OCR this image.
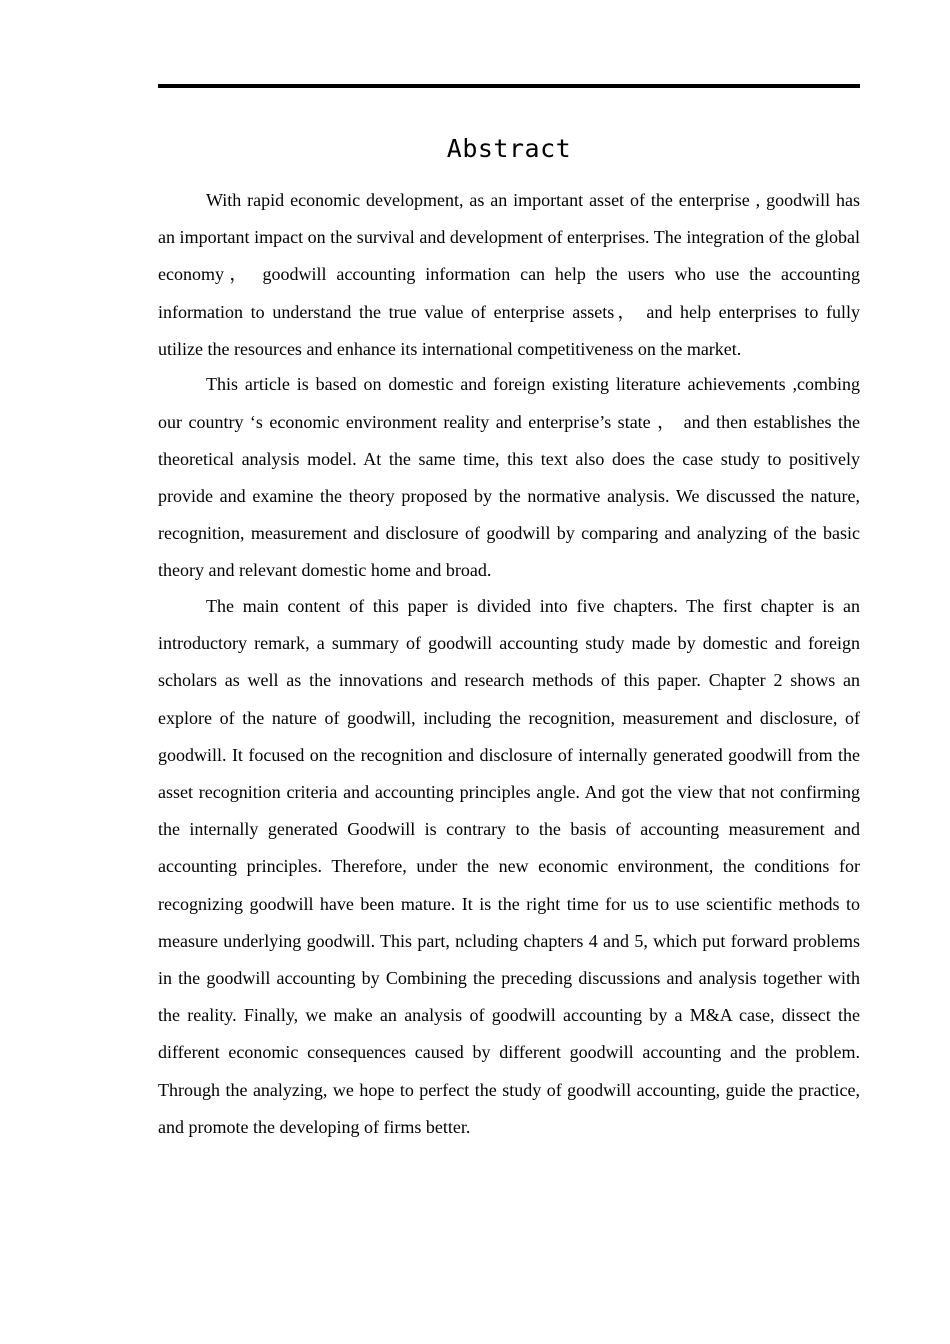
Abstract

With rapid economic development, as an important asset of the enterprise , goodwill has an important impact on the survival and development of enterprises. The integration of the global economy， goodwill accounting information can help the users who use the accounting information to understand the true value of enterprise assets， and help enterprises to fully utilize the resources and enhance its international competitiveness on the market.

This article is based on domestic and foreign existing literature achievements ,combing our country ‘s economic environment reality and enterprise’s state ， and then establishes the theoretical analysis model. At the same time, this text also does the case study to positively provide and examine the theory proposed by the normative analysis. We discussed the nature, recognition, measurement and disclosure of goodwill by comparing and analyzing of the basic theory and relevant domestic home and broad.

The main content of this paper is divided into five chapters. The first chapter is an introductory remark, a summary of goodwill accounting study made by domestic and foreign scholars as well as the innovations and research methods of this paper. Chapter 2 shows an explore of the nature of goodwill, including the recognition, measurement and disclosure, of goodwill. It focused on the recognition and disclosure of internally generated goodwill from the asset recognition criteria and accounting principles angle. And got the view that not confirming the internally generated Goodwill is contrary to the basis of accounting measurement and accounting principles. Therefore, under the new economic environment, the conditions for recognizing goodwill have been mature. It is the right time for us to use scientific methods to measure underlying goodwill. This part, ncluding chapters 4 and 5, which put forward problems in the goodwill accounting by Combining the preceding discussions and analysis together with the reality. Finally, we make an analysis of goodwill accounting by a M&A case, dissect the different economic consequences caused by different goodwill accounting and the problem. Through the analyzing, we hope to perfect the study of goodwill accounting, guide the practice, and promote the developing of firms better.
